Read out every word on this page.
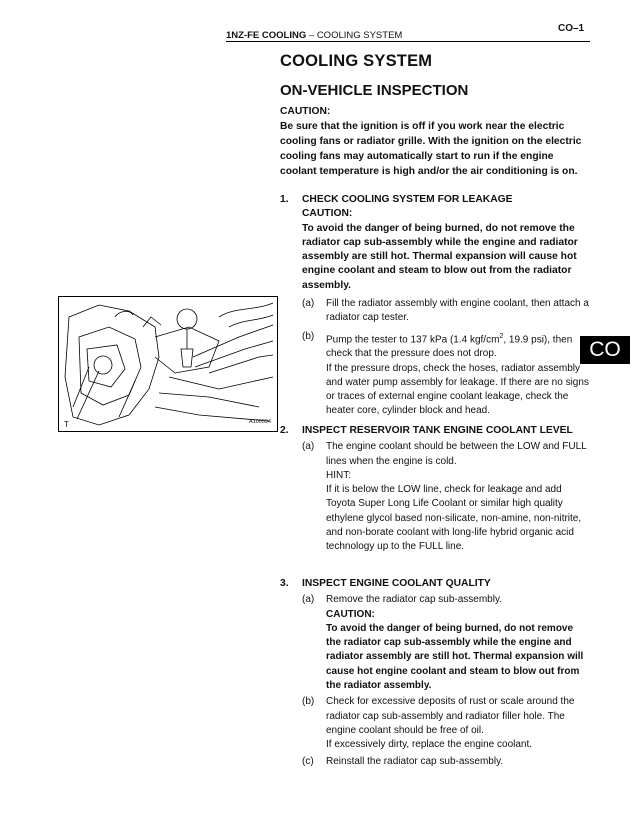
1NZ-FE COOLING – COOLING SYSTEM
CO–1
CO
COOLING SYSTEM
ON-VEHICLE INSPECTION
CAUTION:
Be sure that the ignition is off if you work near the electric cooling fans or radiator grille. With the ignition on the electric cooling fans may automatically start to run if the engine coolant temperature is high and/or the air conditioning is on.
T	A100594
1. CHECK COOLING SYSTEM FOR LEAKAGE
CAUTION:
To avoid the danger of being burned, do not remove the radiator cap sub-assembly while the engine and radiator assembly are still hot. Thermal expansion will cause hot engine coolant and steam to blow out from the radiator assembly.
(a) Fill the radiator assembly with engine coolant, then attach a radiator cap tester.
(b) Pump the tester to 137 kPa (1.4 kgf/$cm^2$, 19.9 psi), then check that the pressure does not drop.
If the pressure drops, check the hoses, radiator assembly and water pump assembly for leakage. If there are no signs or traces of external engine coolant leakage, check the heater core, cylinder block and head.
2. INSPECT RESERVOIR TANK ENGINE COOLANT LEVEL
(a) The engine coolant should be between the LOW and FULL lines when the engine is cold.
HINT:
If it is below the LOW line, check for leakage and add Toyota Super Long Life Coolant or similar high quality ethylene glycol based non-silicate, non-amine, non-nitrite, and non-borate coolant with long-life hybrid organic acid technology up to the FULL line.
3. INSPECT ENGINE COOLANT QUALITY
(a) Remove the radiator cap sub-assembly.
CAUTION:
To avoid the danger of being burned, do not remove the radiator cap sub-assembly while the engine and radiator assembly are still hot. Thermal expansion will cause hot engine coolant and steam to blow out from the radiator assembly.
(b) Check for excessive deposits of rust or scale around the radiator cap sub-assembly and radiator filler hole. The engine coolant should be free of oil.
If excessively dirty, replace the engine coolant.
(c) Reinstall the radiator cap sub-assembly.
